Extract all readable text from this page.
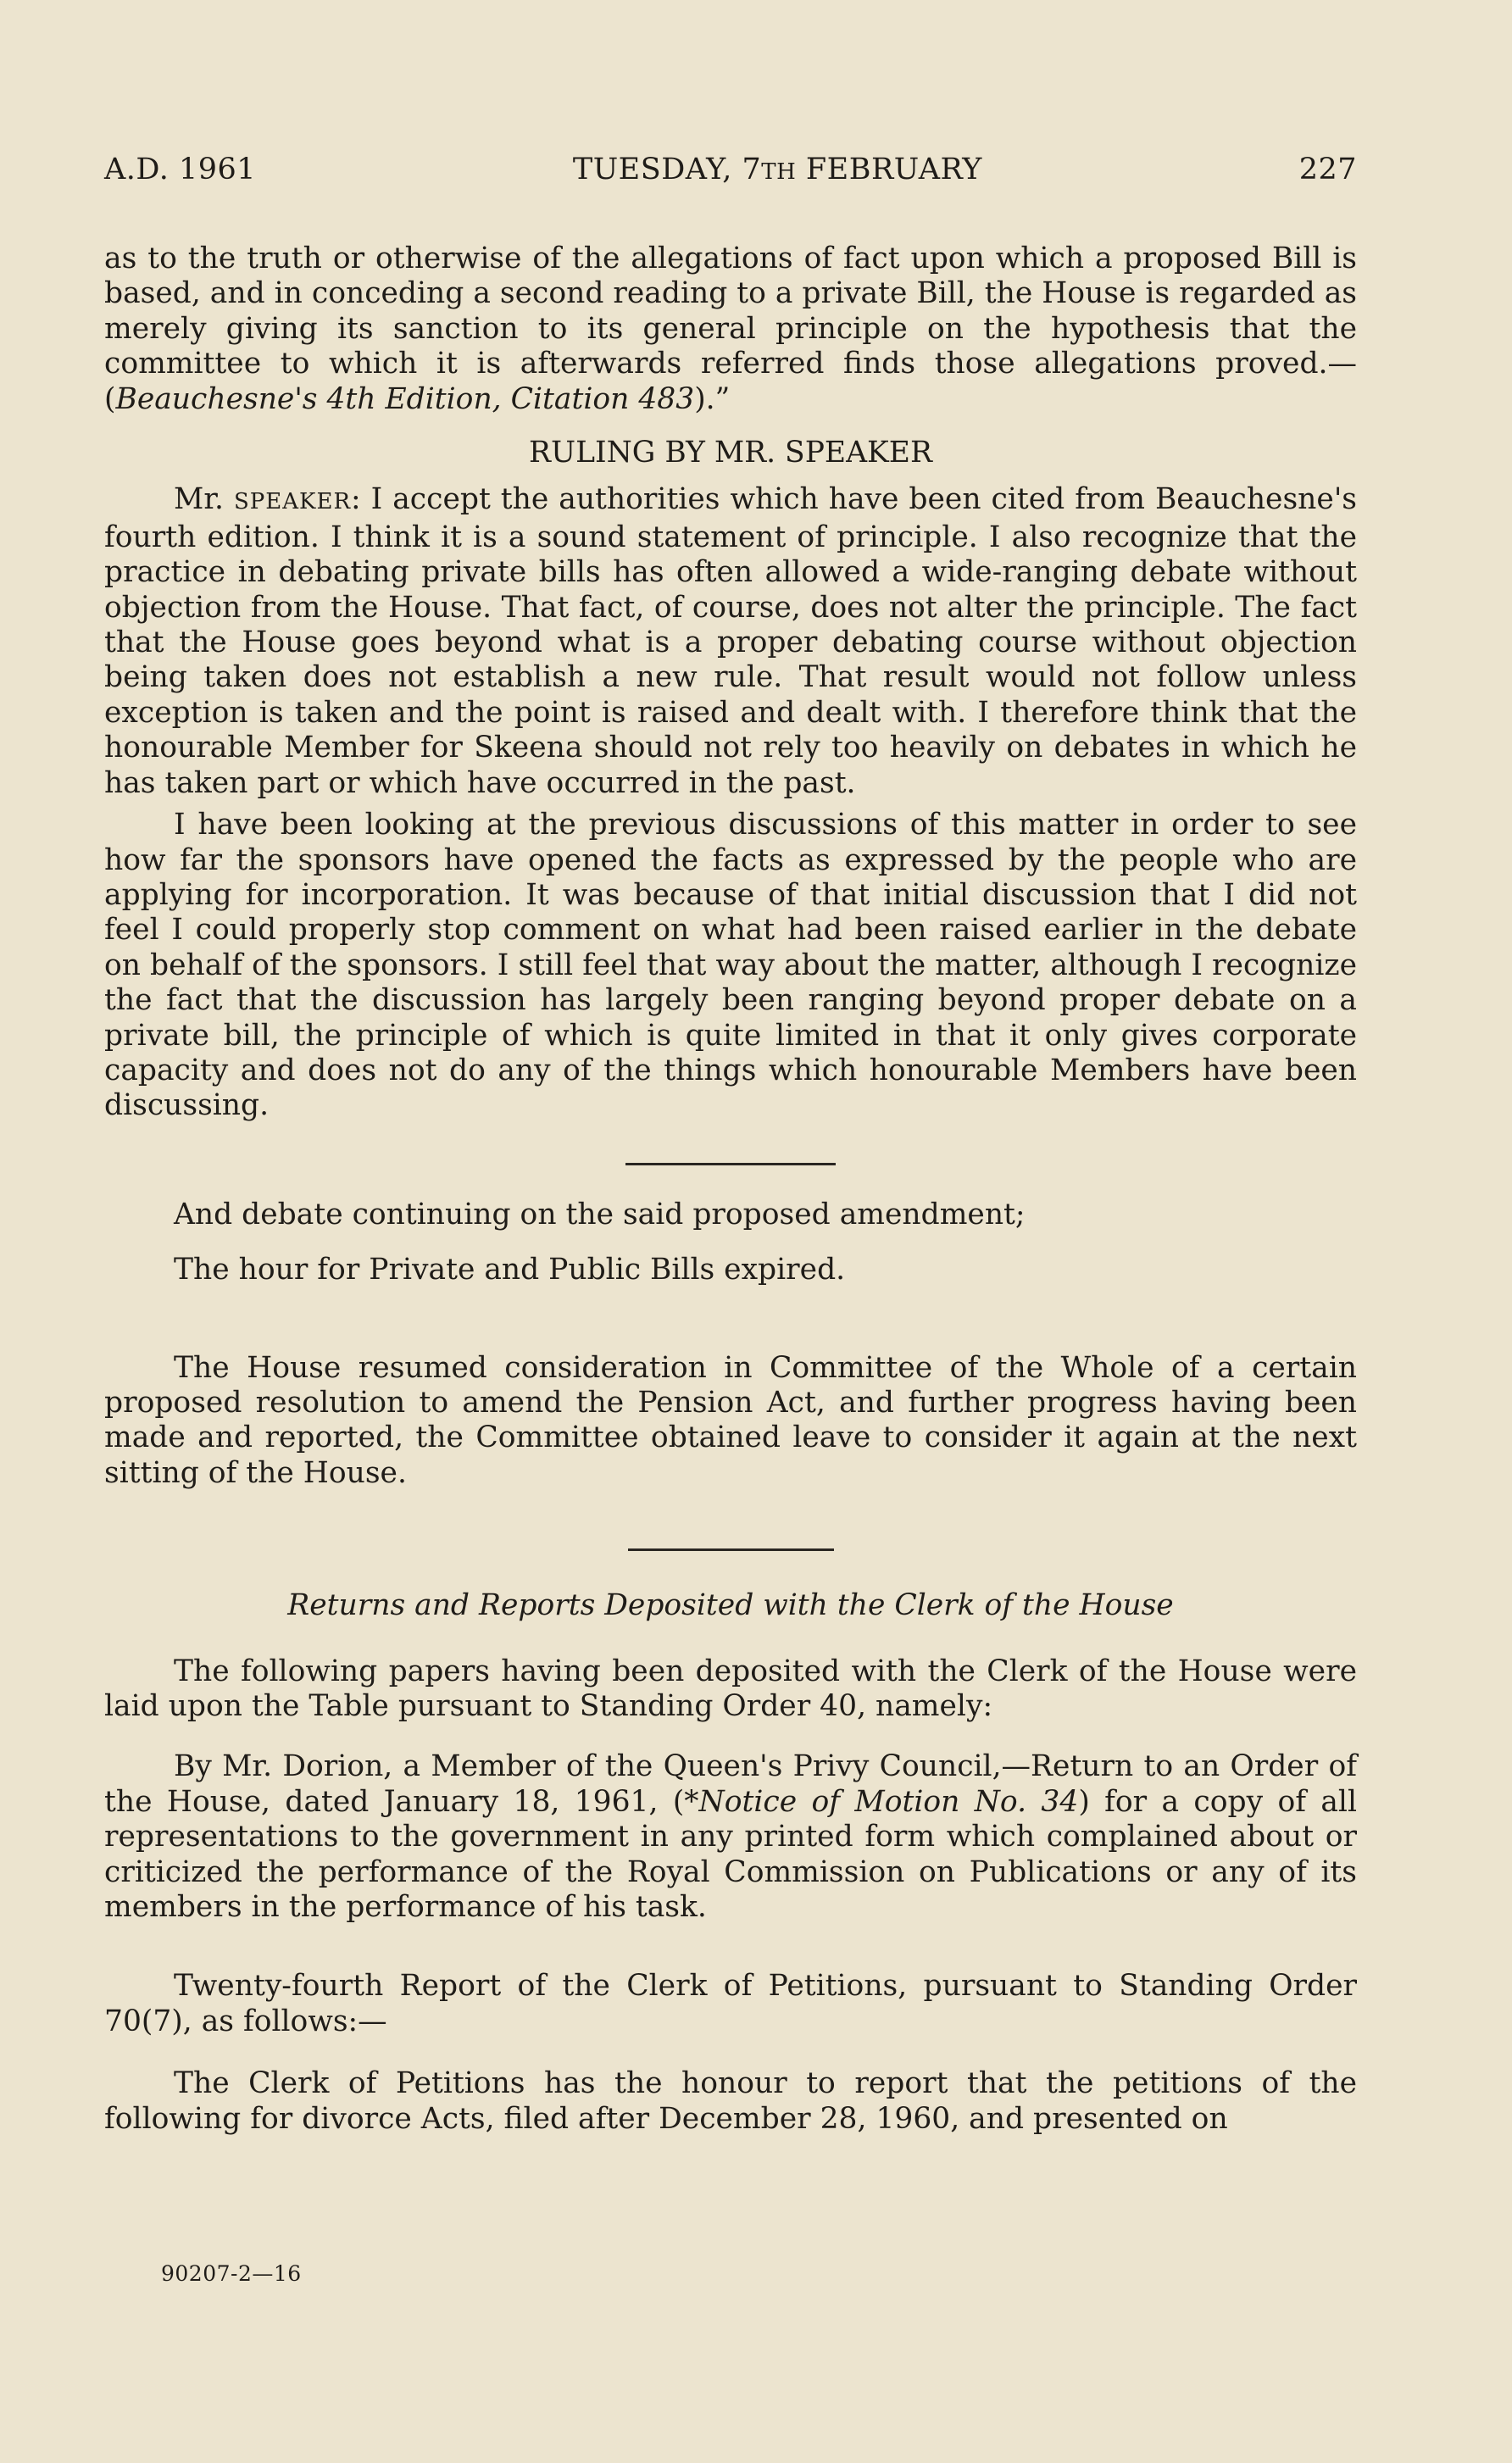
A.D. 1961	TUESDAY, 7TH FEBRUARY	227

as to the truth or otherwise of the allegations of fact upon which a proposed Bill is based, and in conceding a second reading to a private Bill, the House is regarded as merely giving its sanction to its general principle on the hypothesis that the committee to which it is afterwards referred finds those allegations proved.—(Beauchesne's 4th Edition, Citation 483).”

RULING BY MR. SPEAKER

Mr. SPEAKER: I accept the authorities which have been cited from Beauchesne's fourth edition. I think it is a sound statement of principle. I also recognize that the practice in debating private bills has often allowed a wide-ranging debate without objection from the House. That fact, of course, does not alter the principle. The fact that the House goes beyond what is a proper debating course without objection being taken does not establish a new rule. That result would not follow unless exception is taken and the point is raised and dealt with. I therefore think that the honourable Member for Skeena should not rely too heavily on debates in which he has taken part or which have occurred in the past.

I have been looking at the previous discussions of this matter in order to see how far the sponsors have opened the facts as expressed by the people who are applying for incorporation. It was because of that initial discussion that I did not feel I could properly stop comment on what had been raised earlier in the debate on behalf of the sponsors. I still feel that way about the matter, although I recognize the fact that the discussion has largely been ranging beyond proper debate on a private bill, the principle of which is quite limited in that it only gives corporate capacity and does not do any of the things which honourable Members have been discussing.

And debate continuing on the said proposed amendment;

The hour for Private and Public Bills expired.

The House resumed consideration in Committee of the Whole of a certain proposed resolution to amend the Pension Act, and further progress having been made and reported, the Committee obtained leave to consider it again at the next sitting of the House.

Returns and Reports Deposited with the Clerk of the House

The following papers having been deposited with the Clerk of the House were laid upon the Table pursuant to Standing Order 40, namely:

By Mr. Dorion, a Member of the Queen's Privy Council,—Return to an Order of the House, dated January 18, 1961, (*Notice of Motion No. 34) for a copy of all representations to the government in any printed form which complained about or criticized the performance of the Royal Commission on Publications or any of its members in the performance of his task.

Twenty-fourth Report of the Clerk of Petitions, pursuant to Standing Order 70(7), as follows:—

The Clerk of Petitions has the honour to report that the petitions of the following for divorce Acts, filed after December 28, 1960, and presented on

90207-2—16
